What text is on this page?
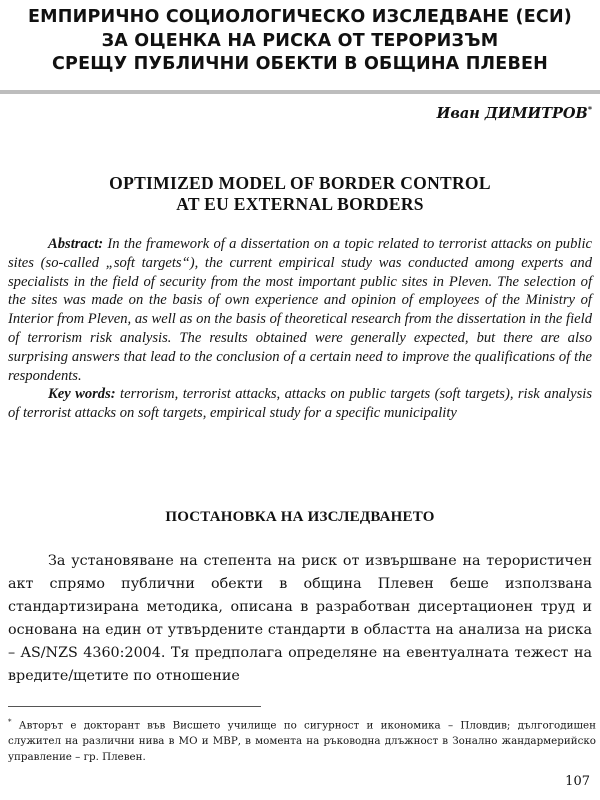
ЕМПИРИЧНО СОЦИОЛОГИЧЕСКО ИЗСЛЕДВАНЕ (ЕСИ)
ЗА ОЦЕНКА НА РИСКА ОТ ТЕРОРИЗЪМ
СРЕЩУ ПУБЛИЧНИ ОБЕКТИ В ОБЩИНА ПЛЕВЕН
Иван ДИМИТРОВ*
OPTIMIZED MODEL OF BORDER CONTROL
AT EU EXTERNAL BORDERS

Abstract: In the framework of a dissertation on a topic related to terrorist attacks on public sites (so-called „soft targets“), the current empirical study was conducted among experts and specialists in the field of security from the most important public sites in Pleven. The selection of the sites was made on the basis of own experience and opinion of employees of the Ministry of Interior from Pleven, as well as on the basis of theoretical research from the dissertation in the field of terrorism risk analysis. The results obtained were generally expected, but there are also surprising answers that lead to the conclusion of a certain need to improve the qualifications of the respondents.

Key words: terrorism, terrorist attacks, attacks on public targets (soft targets), risk analysis of terrorist attacks on soft targets, empirical study for a specific municipality

ПОСТАНОВКА НА ИЗСЛЕДВАНЕТО

За установяване на степента на риск от извършване на терористичен акт спрямо публични обекти в община Плевен беше използвана стандартизирана методика, описана в разработван дисертационен труд и основана на един от утвърдените стандарти в областта на анализа на риска – AS/NZS 4360:2004. Тя предполага определяне на евентуалната тежест на вредите/щетите по отношение

* Авторът е докторант във Висшето училище по сигурност и икономика – Пловдив; дългогодишен служител на различни нива в МО и МВР, в момента на ръководна длъжност в Зонално жандармерийско управление – гр. Плевен.

107
